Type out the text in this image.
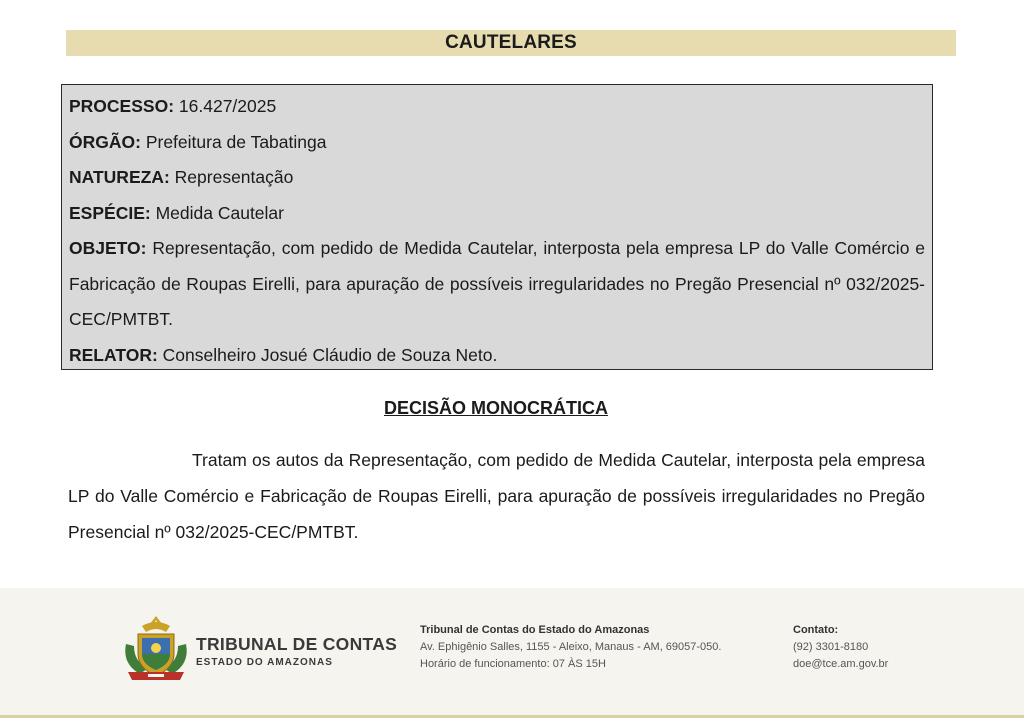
CAUTELARES

PROCESSO: 16.427/2025

ÓRGÃO: Prefeitura de Tabatinga

NATUREZA: Representação

ESPÉCIE: Medida Cautelar

OBJETO: Representação, com pedido de Medida Cautelar, interposta pela empresa LP do Valle Comércio e Fabricação de Roupas Eirelli, para apuração de possíveis irregularidades no Pregão Presencial nº 032/2025-CEC/PMTBT.

RELATOR: Conselheiro Josué Cláudio de Souza Neto.

DECISÃO MONOCRÁTICA
Tratam os autos da Representação, com pedido de Medida Cautelar, interposta pela empresa LP do Valle Comércio e Fabricação de Roupas Eirelli, para apuração de possíveis irregularidades no Pregão Presencial nº 032/2025-CEC/PMTBT.
TRIBUNAL DE CONTAS
ESTADO DO AMAZONAS
Tribunal de Contas do Estado do Amazonas
Av. Ephigênio Salles, 1155 - Aleixo, Manaus - AM, 69057-050.
Horário de funcionamento: 07 ÀS 15H
Contato:
(92) 3301-8180
doe@tce.am.gov.br
